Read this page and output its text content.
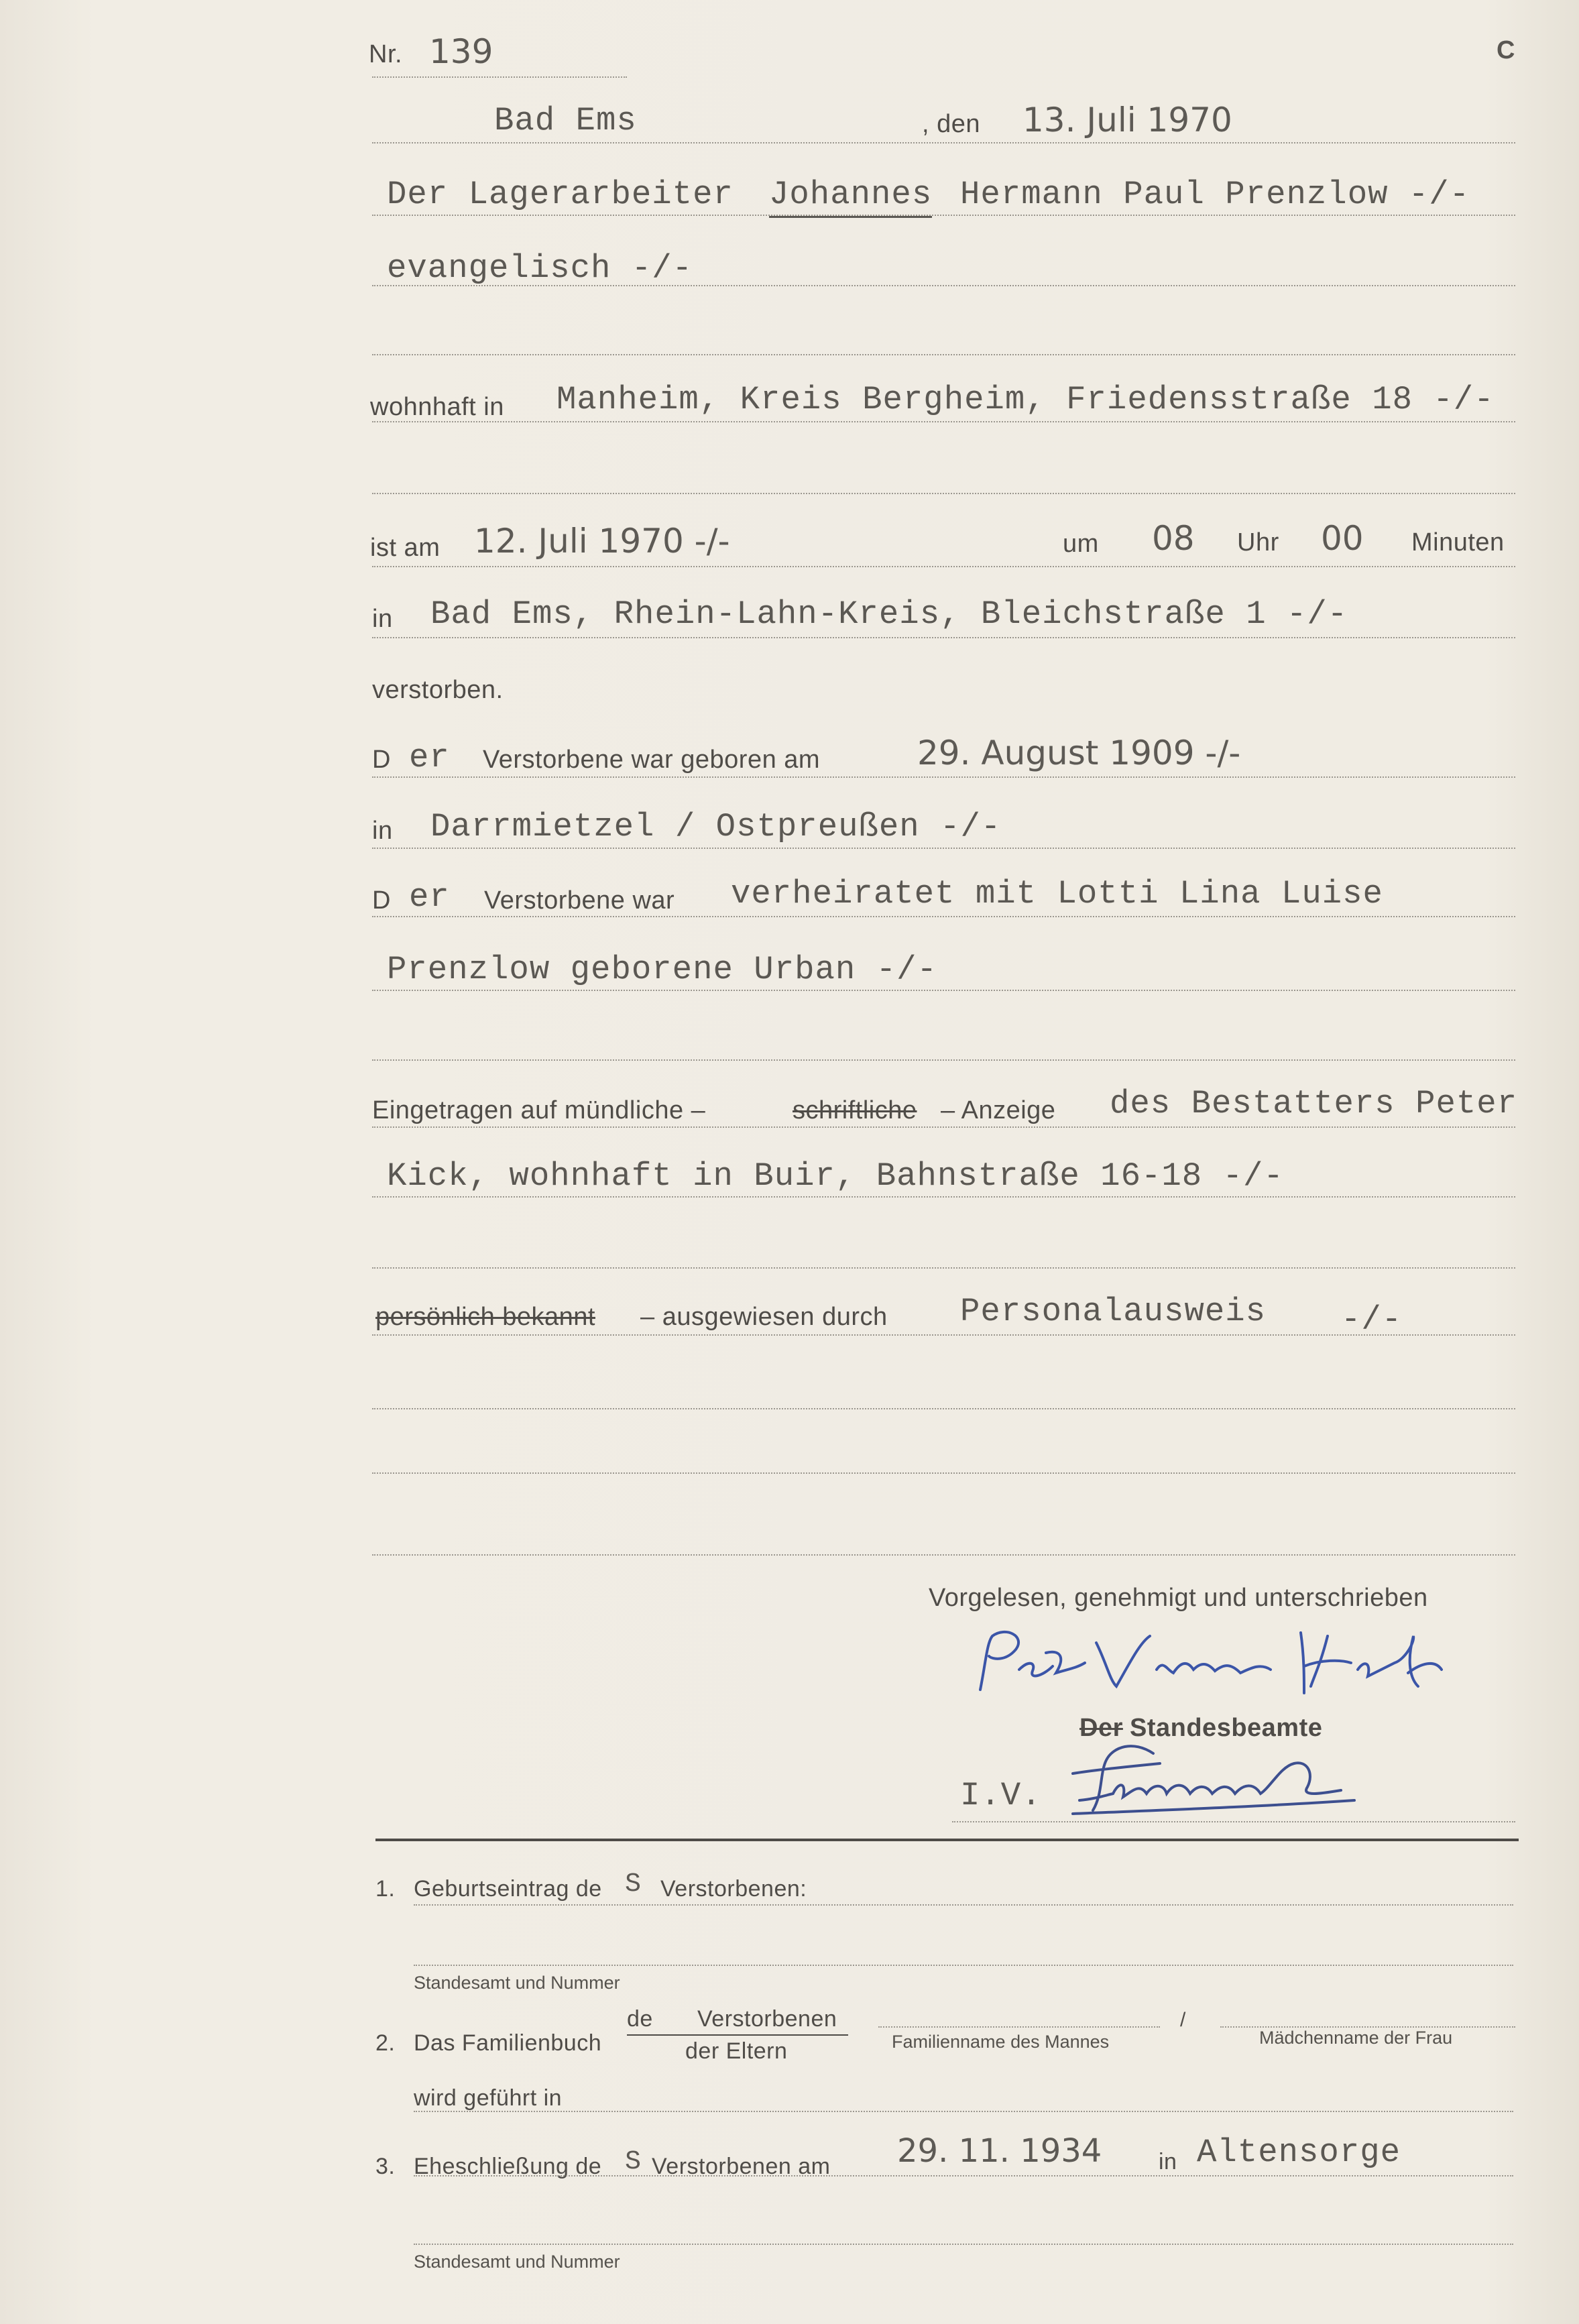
Nr. 139	C
Bad Ems	, den 13. Juli 1970
Der Lagerarbeiter Johannes Hermann Paul Prenzlow -/-
evangelisch -/-
wohnhaft in Manheim, Kreis Bergheim, Friedensstraße 18 -/-
ist am 12. Juli 1970 -/-	um 08 Uhr 00 Minuten
in Bad Ems, Rhein-Lahn-Kreis, Bleichstraße 1 -/-
verstorben.
D er Verstorbene war geboren am	29. August 1909 -/-
in Darrmietzel / Ostpreußen -/-
D er Verstorbene war verheiratet mit Lotti Lina Luise
Prenzlow geborene Urban -/-
Eingetragen auf mündliche –	schriftliche – Anzeige des Bestatters Peter
Kick, wohnhaft in Buir, Bahnstraße 16-18 -/-
persönlich bekannt – ausgewiesen durch Personalausweis -/-
Vorgelesen, genehmigt und unterschrieben
Der Standesbeamte
I.V.
1. Geburtseintrag de S Verstorbenen:
Standesamt und Nummer
2. Das Familienbuch
de Verstorbenen
der Eltern	Familienname des Mannes
/
Mädchenname der Frau
wird geführt in
3. Eheschließung de S Verstorbenen am 29. 11. 1934 in Altensorge
Standesamt und Nummer
